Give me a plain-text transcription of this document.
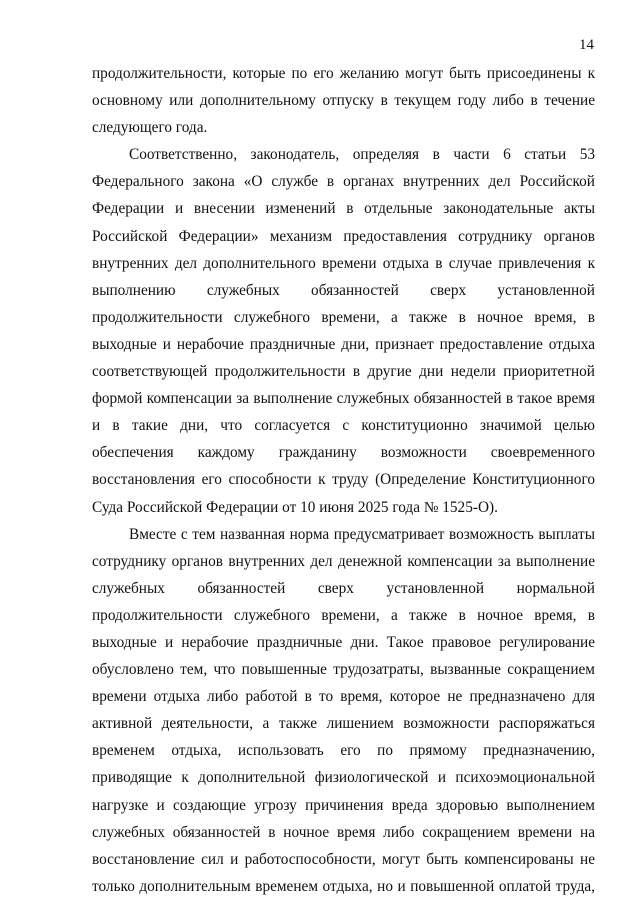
14
продолжительности, которые по его желанию могут быть присоединены к
основному или дополнительному отпуску в текущем году либо в течение
следующего года.
Соответственно, законодатель, определяя в части 6 статьи 53
Федерального закона «О службе в органах внутренних дел Российской
Федерации и внесении изменений в отдельные законодательные акты
Российской Федерации» механизм предоставления сотруднику органов
внутренних дел дополнительного времени отдыха в случае привлечения к
выполнению служебных обязанностей сверх установленной
продолжительности служебного времени, а также в ночное время, в
выходные и нерабочие праздничные дни, признает предоставление отдыха
соответствующей продолжительности в другие дни недели приоритетной
формой компенсации за выполнение служебных обязанностей в такое время
и в такие дни, что согласуется с конституционно значимой целью
обеспечения каждому гражданину возможности своевременного
восстановления его способности к труду (Определение Конституционного
Суда Российской Федерации от 10 июня 2025 года № 1525-О).
Вместе с тем названная норма предусматривает возможность выплаты
сотруднику органов внутренних дел денежной компенсации за выполнение
служебных обязанностей сверх установленной нормальной
продолжительности служебного времени, а также в ночное время, в
выходные и нерабочие праздничные дни. Такое правовое регулирование
обусловлено тем, что повышенные трудозатраты, вызванные сокращением
времени отдыха либо работой в то время, которое не предназначено для
активной деятельности, а также лишением возможности распоряжаться
временем отдыха, использовать его по прямому предназначению,
приводящие к дополнительной физиологической и психоэмоциональной
нагрузке и создающие угрозу причинения вреда здоровью выполнением
служебных обязанностей в ночное время либо сокращением времени на
восстановление сил и работоспособности, могут быть компенсированы не
только дополнительным временем отдыха, но и повышенной оплатой труда,
